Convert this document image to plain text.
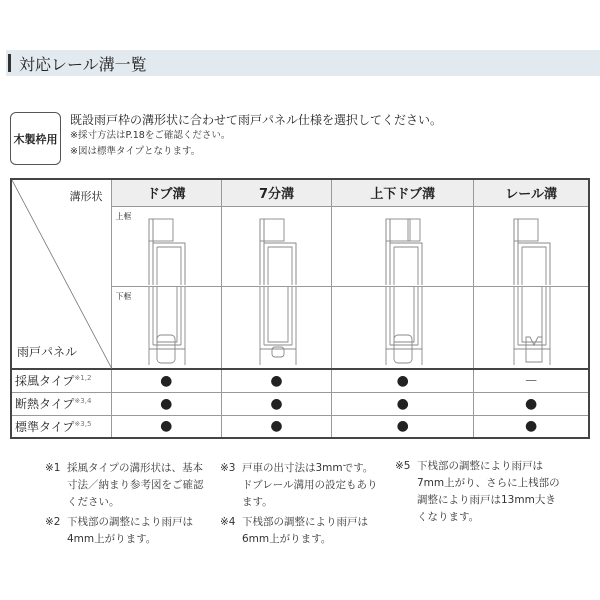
対応レール溝一覧
木製枠用
既設雨戸枠の溝形状に合わせて雨戸パネル仕様を選択してください。
※採寸方法はP.18をご確認ください。
※図は標準タイプとなります。
溝形状
雨戸パネル	ドブ溝	7分溝	上下ドブ溝	レール溝

	上框

	下框

採風タイプ$^{※1,2}$	●	●	●	－
断熱タイプ$^{※3,4}$	●	●	●	●
標準タイプ$^{※3,5}$	●	●	●	●
※1 採風タイプの溝形状は、基本寸法／納まり参考図をご確認ください。
※2 下桟部の調整により雨戸は4mm上がります。
※3 戸車の出寸法は3mmです。ドブレール溝用の設定もあります。
※4 下桟部の調整により雨戸は6mm上がります。
※5 下桟部の調整により雨戸は7mm上がり、さらに上桟部の調整により雨戸は13mm大きくなります。
